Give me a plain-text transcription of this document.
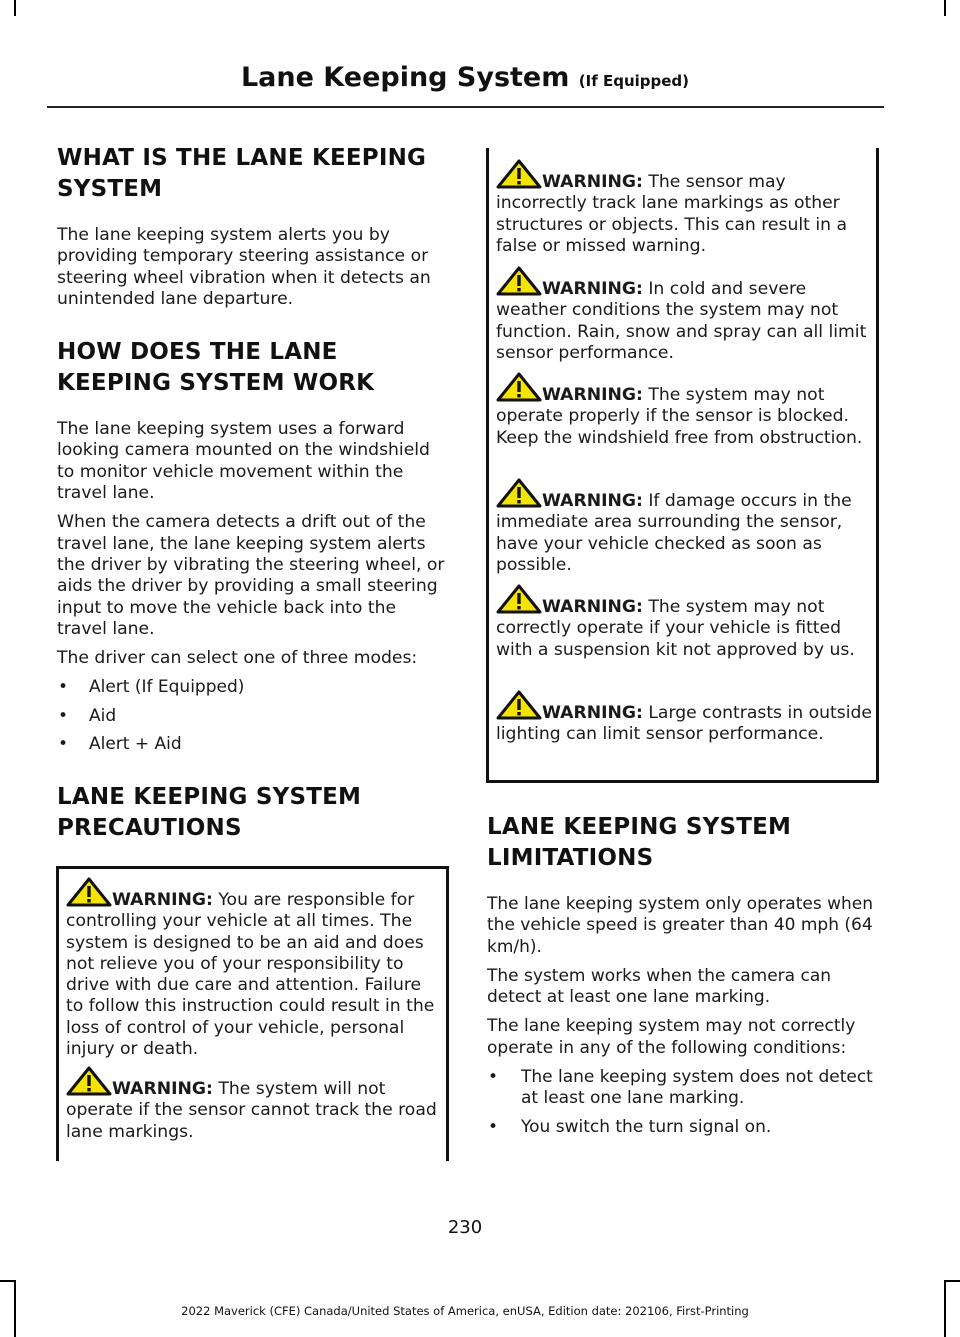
Lane Keeping System (If Equipped)
WHAT IS THE LANE KEEPING
SYSTEM

The lane keeping system alerts you by providing temporary steering assistance or steering wheel vibration when it detects an unintended lane departure.

HOW DOES THE LANE
KEEPING SYSTEM WORK

The lane keeping system uses a forward looking camera mounted on the windshield to monitor vehicle movement within the travel lane.

When the camera detects a drift out of the travel lane, the lane keeping system alerts the driver by vibrating the steering wheel, or aids the driver by providing a small steering input to move the vehicle back into the travel lane.

The driver can select one of three modes:

• Alert (If Equipped)
• Aid
• Alert + Aid
LANE KEEPING SYSTEM
PRECAUTIONS

WARNING: You are responsible for controlling your vehicle at all times. The system is designed to be an aid and does not relieve you of your responsibility to drive with due care and attention. Failure to follow this instruction could result in the loss of control of your vehicle, personal injury or death.

WARNING: The system will not operate if the sensor cannot track the road lane markings.

WARNING: The sensor may incorrectly track lane markings as other structures or objects. This can result in a false or missed warning.

WARNING: In cold and severe weather conditions the system may not function. Rain, snow and spray can all limit sensor performance.

WARNING: The system may not operate properly if the sensor is blocked. Keep the windshield free from obstruction.

WARNING: If damage occurs in the immediate area surrounding the sensor, have your vehicle checked as soon as possible.

WARNING: The system may not correctly operate if your vehicle is fitted with a suspension kit not approved by us.

WARNING: Large contrasts in outside lighting can limit sensor performance.

LANE KEEPING SYSTEM
LIMITATIONS

The lane keeping system only operates when the vehicle speed is greater than 40 mph (64 km/h).

The system works when the camera can detect at least one lane marking.

The lane keeping system may not correctly operate in any of the following conditions:

• The lane keeping system does not detect at least one lane marking.
• You switch the turn signal on.
230
2022 Maverick (CFE) Canada/United States of America, enUSA, Edition date: 202106, First-Printing
